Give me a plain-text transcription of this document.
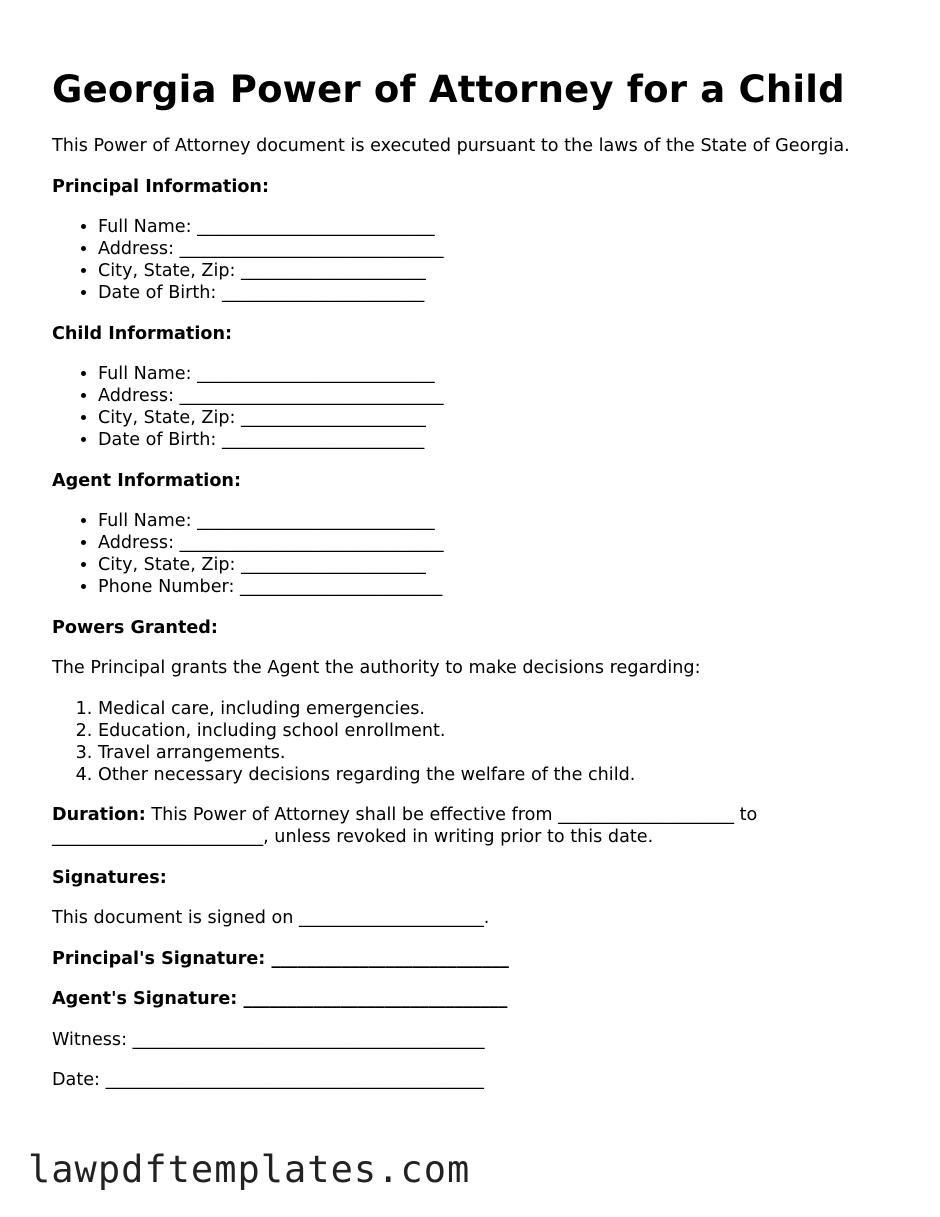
Georgia Power of Attorney for a Child

This Power of Attorney document is executed pursuant to the laws of the State of Georgia.

Principal Information:
• Full Name: ___________________________
• Address: ______________________________
• City, State, Zip: _____________________
• Date of Birth: _______________________
Child Information:
• Full Name: ___________________________
• Address: ______________________________
• City, State, Zip: _____________________
• Date of Birth: _______________________
Agent Information:
• Full Name: ___________________________
• Address: ______________________________
• City, State, Zip: _____________________
• Phone Number: _______________________
Powers Granted:

The Principal grants the Agent the authority to make decisions regarding:

1. Medical care, including emergencies.
2. Education, including school enrollment.
3. Travel arrangements.
4. Other necessary decisions regarding the welfare of the child.

Duration: This Power of Attorney shall be effective from ____________________ to ________________________, unless revoked in writing prior to this date.

Signatures:

This document is signed on _____________________.

Principal's Signature: ___________________________

Agent's Signature: ______________________________

Witness: ________________________________________

Date: ___________________________________________

lawpdftemplates.com
